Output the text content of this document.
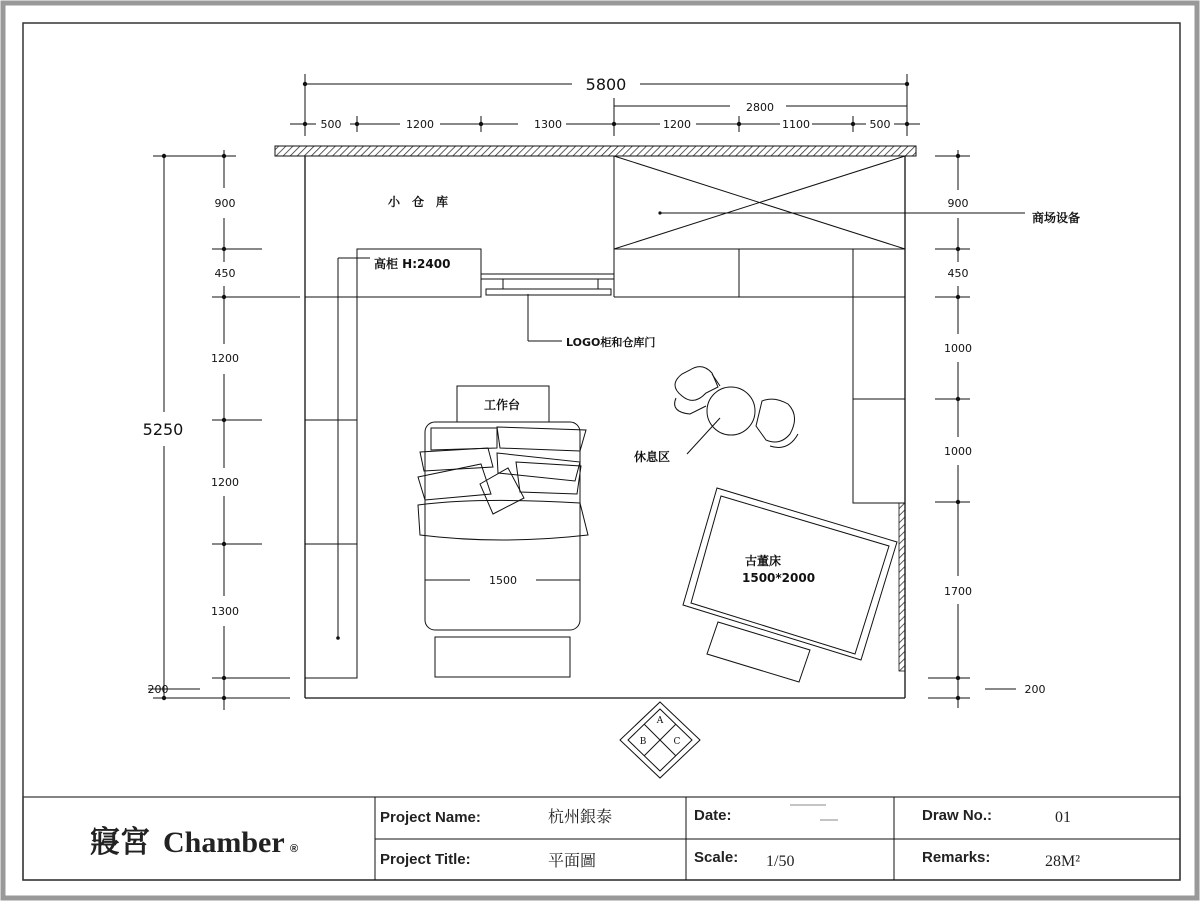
5800
2800
500	1200	1300	1200	1100	500
5250
900
450
1200
1200
1300
200
900
450
1000
1000
1700
200
1500
小　仓　库
商场设备
高柜 H:2400
LOGO柜和仓库门
工作台
休息区
古董床
1500*2000
A
B	C
寢宮 Chamber ®
Project Name:	杭州銀泰
Project Title:	平面圖
Date:
Scale: 1/50
Draw No.:	01
Remarks:	28M²
